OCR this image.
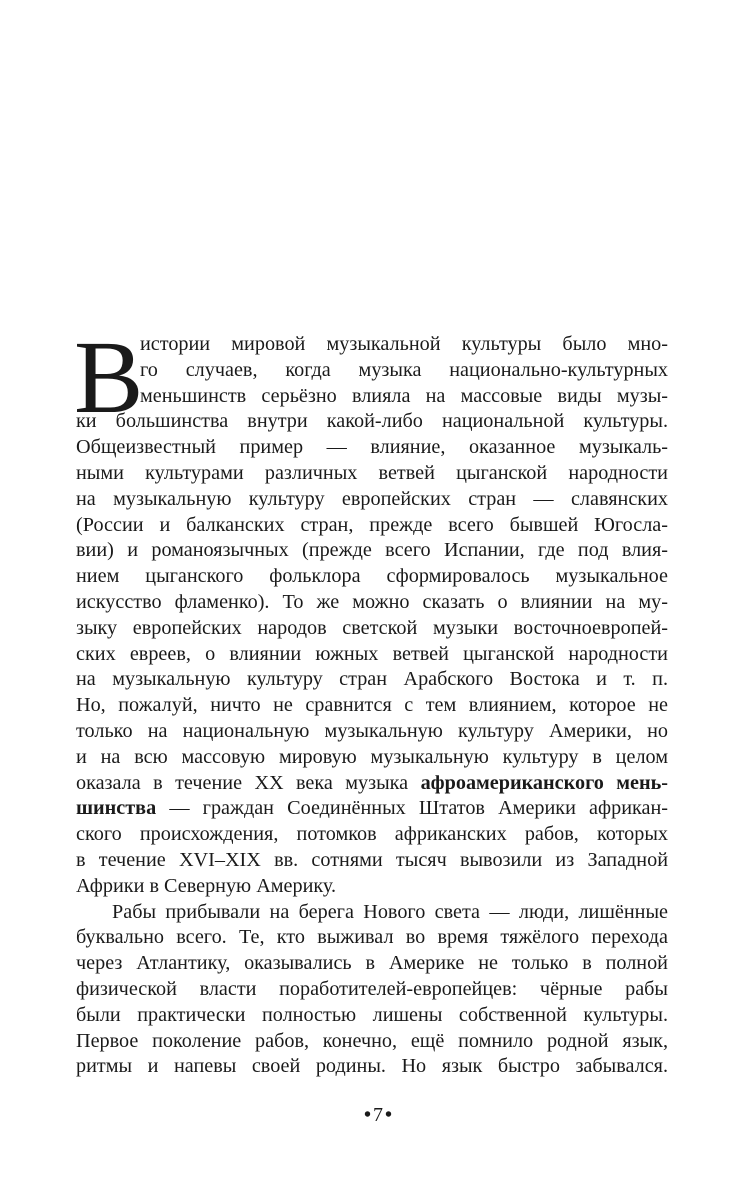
В
истории мировой музыкальной культуры было мно-
го случаев, когда музыка национально-культурных
меньшинств серьёзно влияла на массовые виды музы-
ки большинства внутри какой-либо национальной культуры.
Общеизвестный пример — влияние, оказанное музыкаль-
ными культурами различных ветвей цыганской народности
на музыкальную культуру европейских стран — славянских
(России и балканских стран, прежде всего бывшей Югосла-
вии) и романоязычных (прежде всего Испании, где под влия-
нием цыганского фольклора сформировалось музыкальное
искусство фламенко). То же можно сказать о влиянии на му-
зыку европейских народов светской музыки восточноевропей-
ских евреев, о влиянии южных ветвей цыганской народности
на музыкальную культуру стран Арабского Востока и т. п.
Но, пожалуй, ничто не сравнится с тем влиянием, которое не
только на национальную музыкальную культуру Америки, но
и на всю массовую мировую музыкальную культуру в целом
оказала в течение XX века музыка афроамериканского мень-
шинства — граждан Соединённых Штатов Америки африкан-
ского происхождения, потомков африканских рабов, которых
в течение XVI–XIX вв. сотнями тысяч вывозили из Западной
Африки в Северную Америку.
Рабы прибывали на берега Нового света — люди, лишённые
буквально всего. Те, кто выживал во время тяжёлого перехода
через Атлантику, оказывались в Америке не только в полной
физической власти поработителей-европейцев: чёрные рабы
были практически полностью лишены собственной культуры.
Первое поколение рабов, конечно, ещё помнило родной язык,
ритмы и напевы своей родины. Но язык быстро забывался.
• 7 •
